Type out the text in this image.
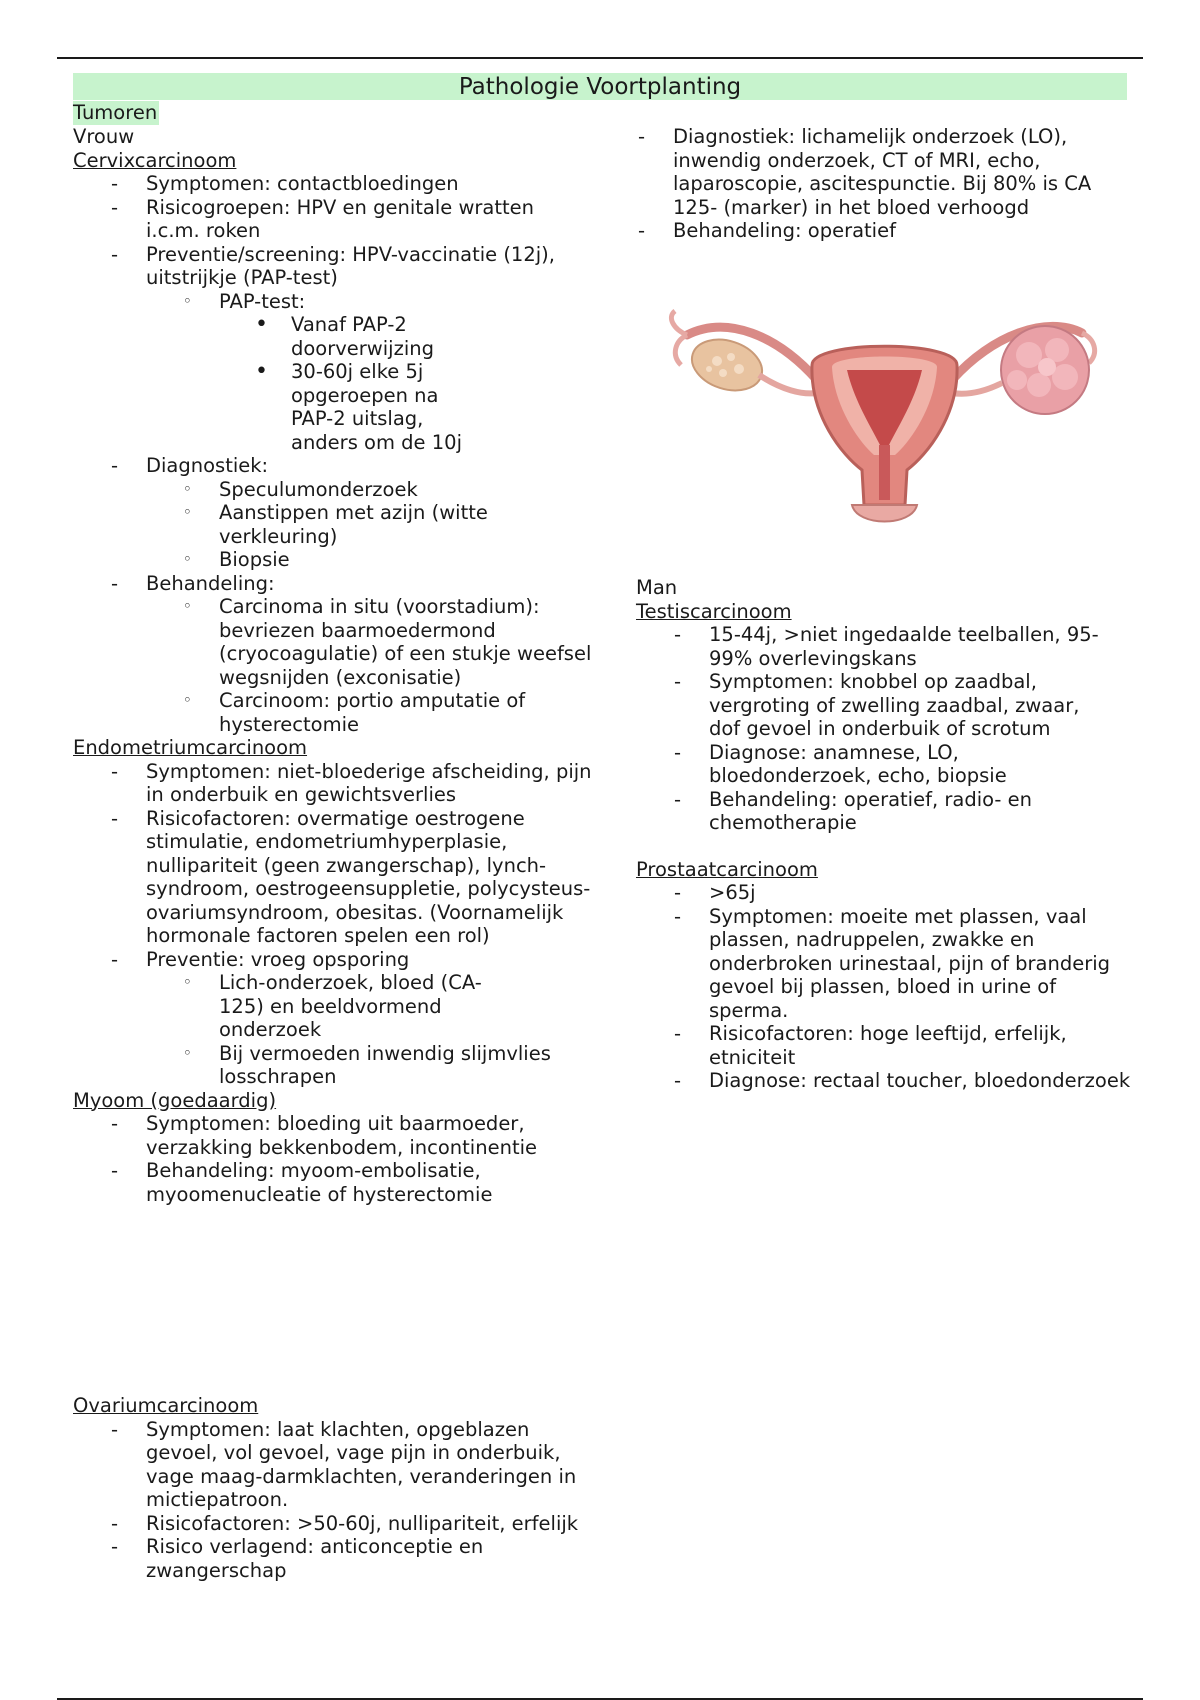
Pathologie Voortplanting
Tumoren

Vrouw

Cervixcarcinoom

- Symptomen: contactbloedingen
- Risicogroepen: HPV en genitale wratten i.c.m. roken
- Preventie/screening: HPV-vaccinatie (12j), uitstrijkje (PAP-test)
◦ PAP-test:
• Vanaf PAP-2 doorverwijzing
• 30-60j elke 5j opgeroepen na PAP-2 uitslag, anders om de 10j
- Diagnostiek:
◦ Speculumonderzoek
◦ Aanstippen met azijn (witte verkleuring)
◦ Biopsie
- Behandeling:
◦ Carcinoma in situ (voorstadium): bevriezen baarmoedermond (cryocoagulatie) of een stukje weefsel wegsnijden (exconisatie)
◦ Carcinoom: portio amputatie of hysterectomie

Endometriumcarcinoom

- Symptomen: niet-bloederige afscheiding, pijn in onderbuik en gewichtsverlies
- Risicofactoren: overmatige oestrogene stimulatie, endometriumhyperplasie, nullipariteit (geen zwangerschap), lynch-syndroom, oestrogeensuppletie, polycysteus-ovariumsyndroom, obesitas. (Voornamelijk hormonale factoren spelen een rol)
- Preventie: vroeg opsporing
◦ Lich-onderzoek, bloed (CA-125) en beeldvormend onderzoek
◦ Bij vermoeden inwendig slijmvlies losschrapen

Myoom (goedaardig)

- Symptomen: bloeding uit baarmoeder, verzakking bekkenbodem, incontinentie
- Behandeling: myoom-embolisatie, myoomenucleatie of hysterectomie

Ovariumcarcinoom

- Symptomen: laat klachten, opgeblazen gevoel, vol gevoel, vage pijn in onderbuik, vage maag-darmklachten, veranderingen in mictiepatroon.
- Risicofactoren: >50-60j, nullipariteit, erfelijk
- Risico verlagend: anticonceptie en zwangerschap
- Diagnostiek: lichamelijk onderzoek (LO), inwendig onderzoek, CT of MRI, echo, laparoscopie, ascitespunctie. Bij 80% is CA 125- (marker) in het bloed verhoogd
- Behandeling: operatief

Man

Testiscarcinoom

- 15-44j, >niet ingedaalde teelballen, 95-99% overlevingskans
- Symptomen: knobbel op zaadbal, vergroting of zwelling zaadbal, zwaar, dof gevoel in onderbuik of scrotum
- Diagnose: anamnese, LO, bloedonderzoek, echo, biopsie
- Behandeling: operatief, radio- en chemotherapie

Prostaatcarcinoom

- >65j
- Symptomen: moeite met plassen, vaal plassen, nadruppelen, zwakke en onderbroken urinestaal, pijn of branderig gevoel bij plassen, bloed in urine of sperma.
- Risicofactoren: hoge leeftijd, erfelijk, etniciteit
- Diagnose: rectaal toucher, bloedonderzoek
